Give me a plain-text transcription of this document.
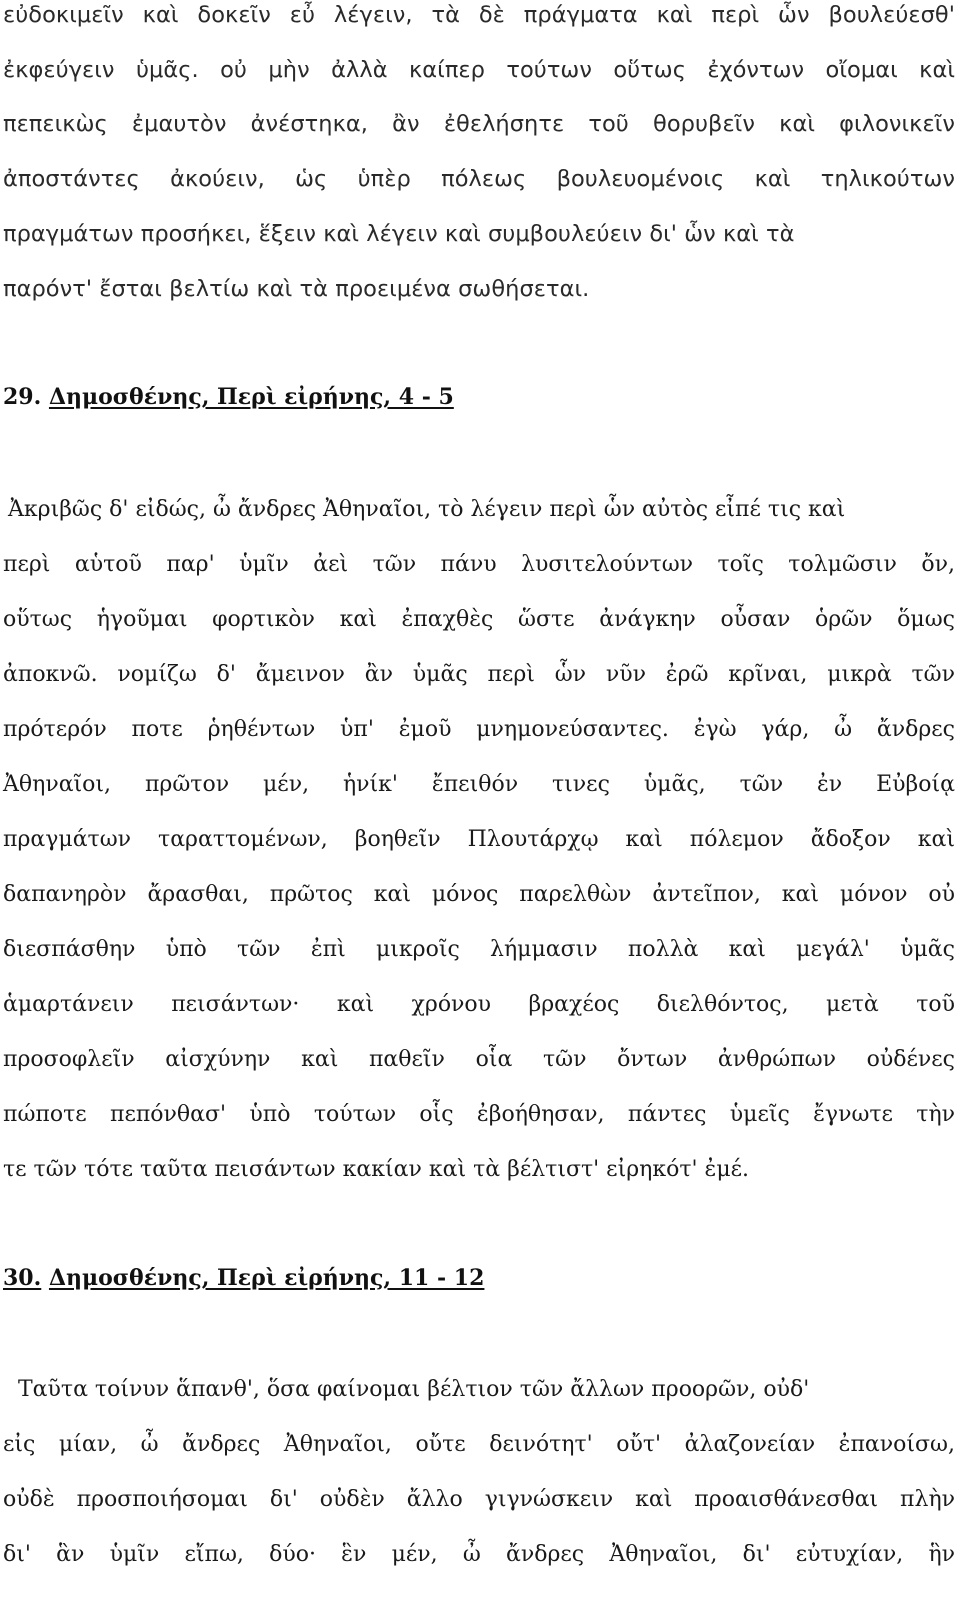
εὐδοκιμεῖν καὶ δοκεῖν εὖ λέγειν, τὰ δὲ πράγματα καὶ περὶ ὧν βουλεύεσθ'
ἐκφεύγειν ὑμᾶς. οὐ μὴν ἀλλὰ καίπερ τούτων οὕτως ἐχόντων οἴομαι καὶ
πεπεικὼς ἐμαυτὸν ἀνέστηκα, ἂν ἐθελήσητε τοῦ θορυβεῖν καὶ φιλονικεῖν
ἀποστάντες ἀκούειν, ὡς ὑπὲρ πόλεως βουλευομένοις καὶ τηλικούτων
πραγμάτων προσήκει, ἕξειν καὶ λέγειν καὶ συμβουλεύειν δι' ὧν καὶ τὰ
παρόντ' ἔσται βελτίω καὶ τὰ προειμένα σωθήσεται.
29. Δημοσθένης, Περὶ εἰρήνης, 4 - 5
Ἀκριβῶς δ' εἰδώς, ὦ ἄνδρες Ἀθηναῖοι, τὸ λέγειν περὶ ὧν αὐτὸς εἶπέ τις καὶ
περὶ αὑτοῦ παρ' ὑμῖν ἀεὶ τῶν πάνυ λυσιτελούντων τοῖς τολμῶσιν ὄν,
οὕτως ἡγοῦμαι φορτικὸν καὶ ἐπαχθὲς ὥστε ἀνάγκην οὖσαν ὁρῶν ὅμως
ἀποκνῶ. νομίζω δ' ἄμεινον ἂν ὑμᾶς περὶ ὧν νῦν ἐρῶ κρῖναι, μικρὰ τῶν
πρότερόν ποτε ῥηθέντων ὑπ' ἐμοῦ μνημονεύσαντες. ἐγὼ γάρ, ὦ ἄνδρες
Ἀθηναῖοι, πρῶτον μέν, ἡνίκ' ἔπειθόν τινες ὑμᾶς, τῶν ἐν Εὐβοίᾳ
πραγμάτων ταραττομένων, βοηθεῖν Πλουτάρχῳ καὶ πόλεμον ἄδοξον καὶ
δαπανηρὸν ἄρασθαι, πρῶτος καὶ μόνος παρελθὼν ἀντεῖπον, καὶ μόνον οὐ
διεσπάσθην ὑπὸ τῶν ἐπὶ μικροῖς λήμμασιν πολλὰ καὶ μεγάλ' ὑμᾶς
ἁμαρτάνειν πεισάντων· καὶ χρόνου βραχέος διελθόντος, μετὰ τοῦ
προσοφλεῖν αἰσχύνην καὶ παθεῖν οἷα τῶν ὄντων ἀνθρώπων οὐδένες
πώποτε πεπόνθασ' ὑπὸ τούτων οἷς ἐβοήθησαν, πάντες ὑμεῖς ἔγνωτε τὴν
τε τῶν τότε ταῦτα πεισάντων κακίαν καὶ τὰ βέλτιστ' εἰρηκότ' ἐμέ.
30. Δημοσθένης, Περὶ εἰρήνης, 11 - 12
Ταῦτα τοίνυν ἅπανθ', ὅσα φαίνομαι βέλτιον τῶν ἄλλων προορῶν, οὐδ'
εἰς μίαν, ὦ ἄνδρες Ἀθηναῖοι, οὔτε δεινότητ' οὔτ' ἀλαζονείαν ἐπανοίσω,
οὐδὲ προσποιήσομαι δι' οὐδὲν ἄλλο γιγνώσκειν καὶ προαισθάνεσθαι πλὴν
δι' ἃν ὑμῖν εἴπω, δύο· ἓν μέν, ὦ ἄνδρες Ἀθηναῖοι, δι' εὐτυχίαν, ἣν
